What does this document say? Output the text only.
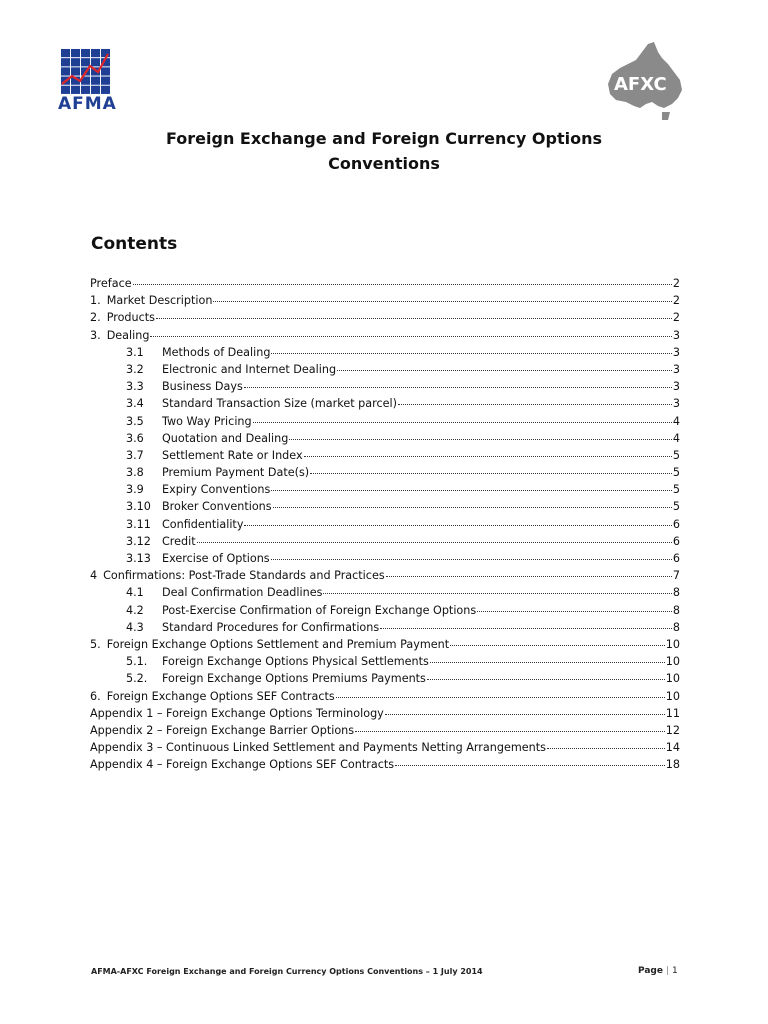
AFMA
AFXC
Foreign Exchange and Foreign Currency Options
Conventions
Contents
Preface	2
1. Market Description	2
2. Products	2
3. Dealing	3
3.1	Methods of Dealing	3
3.2	Electronic and Internet Dealing	3
3.3	Business Days	3
3.4	Standard Transaction Size (market parcel)	3
3.5	Two Way Pricing	4
3.6	Quotation and Dealing	4
3.7	Settlement Rate or Index	5
3.8	Premium Payment Date(s)	5
3.9	Expiry Conventions	5
3.10 Broker Conventions	5
3.11 Confidentiality	6
3.12 Credit	6
3.13 Exercise of Options	6
4 Confirmations: Post-Trade Standards and Practices	7
4.1	Deal Confirmation Deadlines	8
4.2	Post-Exercise Confirmation of Foreign Exchange Options	8
4.3	Standard Procedures for Confirmations	8
5. Foreign Exchange Options Settlement and Premium Payment	10
5.1.	Foreign Exchange Options Physical Settlements	10
5.2.	Foreign Exchange Options Premiums Payments	10
6. Foreign Exchange Options SEF Contracts	10
Appendix 1 – Foreign Exchange Options Terminology	11
Appendix 2 – Foreign Exchange Barrier Options	12
Appendix 3 – Continuous Linked Settlement and Payments Netting Arrangements	14
Appendix 4 – Foreign Exchange Options SEF Contracts	18
AFMA-AFXC Foreign Exchange and Foreign Currency Options Conventions – 1 July 2014	Page | 1
